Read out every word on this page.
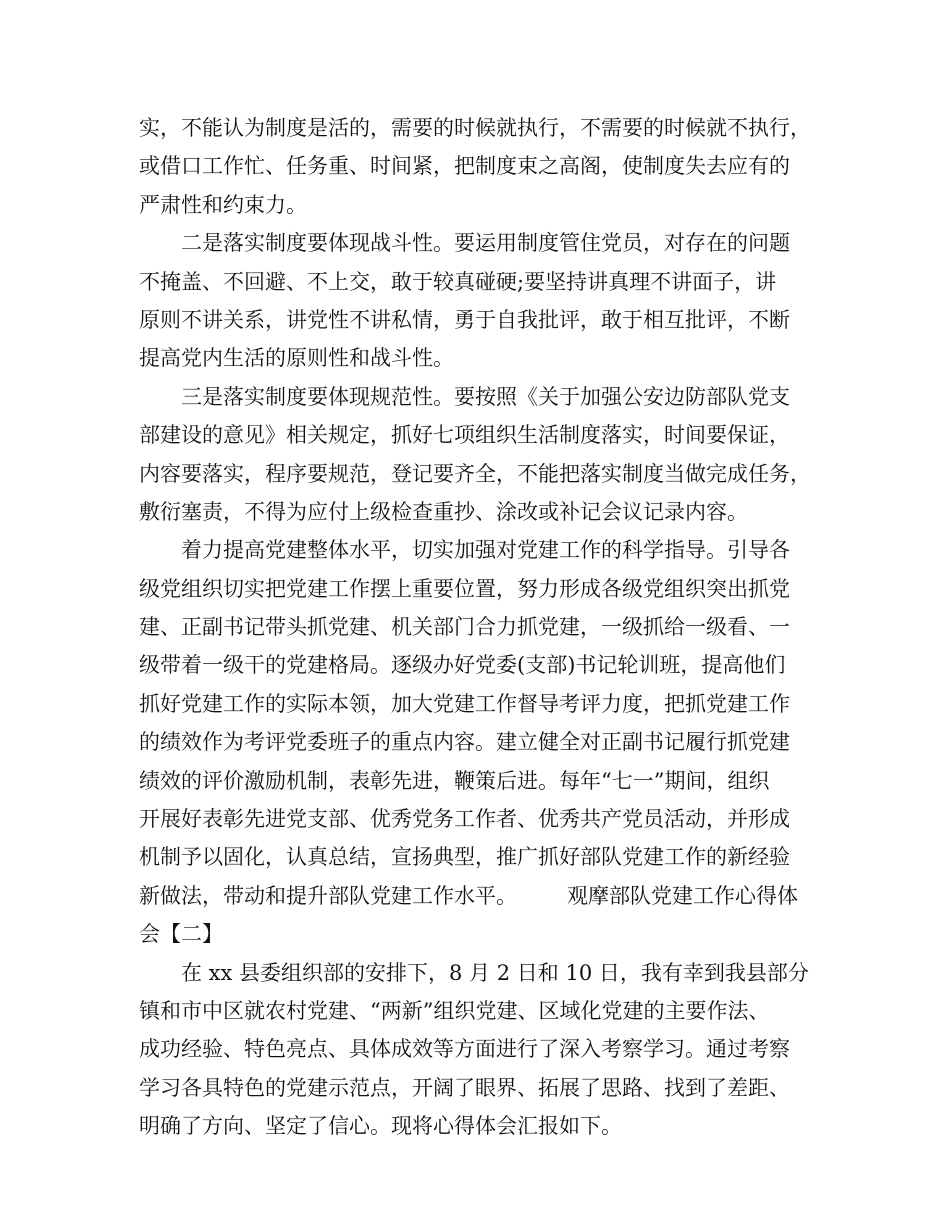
实，不能认为制度是活的，需要的时候就执行，不需要的时候就不执行，
或借口工作忙、任务重、时间紧，把制度束之高阁，使制度失去应有的
严肃性和约束力。
二是落实制度要体现战斗性。要运用制度管住党员，对存在的问题
不掩盖、不回避、不上交，敢于较真碰硬;要坚持讲真理不讲面子，讲
原则不讲关系，讲党性不讲私情，勇于自我批评，敢于相互批评，不断
提高党内生活的原则性和战斗性。
三是落实制度要体现规范性。要按照《关于加强公安边防部队党支
部建设的意见》相关规定，抓好七项组织生活制度落实，时间要保证，
内容要落实，程序要规范，登记要齐全，不能把落实制度当做完成任务，
敷衍塞责，不得为应付上级检查重抄、涂改或补记会议记录内容。
着力提高党建整体水平，切实加强对党建工作的科学指导。引导各
级党组织切实把党建工作摆上重要位置，努力形成各级党组织突出抓党
建、正副书记带头抓党建、机关部门合力抓党建，一级抓给一级看、一
级带着一级干的党建格局。逐级办好党委(支部)书记轮训班，提高他们
抓好党建工作的实际本领，加大党建工作督导考评力度，把抓党建工作
的绩效作为考评党委班子的重点内容。建立健全对正副书记履行抓党建
绩效的评价激励机制，表彰先进，鞭策后进。每年“七一”期间，组织
开展好表彰先进党支部、优秀党务工作者、优秀共产党员活动，并形成
机制予以固化，认真总结，宣扬典型，推广抓好部队党建工作的新经验
新做法，带动和提升部队党建工作水平。 观摩部队党建工作心得体
会【二】
在 xx 县委组织部的安排下，8 月 2 日和 10 日，我有幸到我县部分
镇和市中区就农村党建、“两新”组织党建、区域化党建的主要作法、
成功经验、特色亮点、具体成效等方面进行了深入考察学习。通过考察
学习各具特色的党建示范点，开阔了眼界、拓展了思路、找到了差距、
明确了方向、坚定了信心。现将心得体会汇报如下。
